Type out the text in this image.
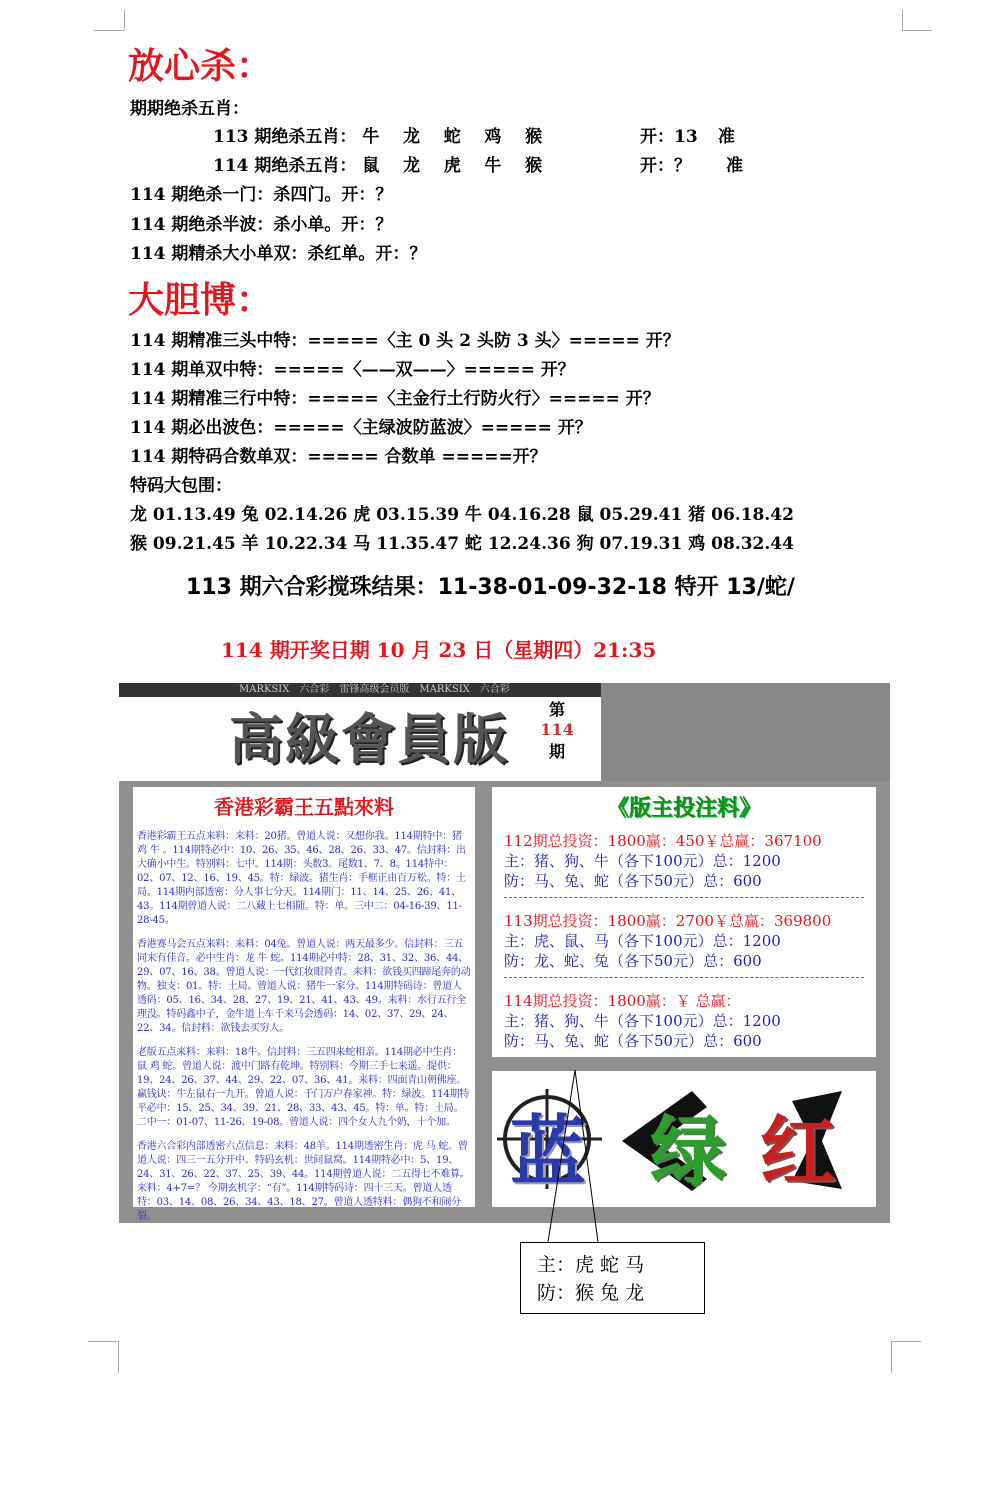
放心杀：
期期绝杀五肖：
113 期绝杀五肖： 牛 龙 蛇 鸡 猴	开：13 准
114 期绝杀五肖： 鼠 龙 虎 牛 猴	开：？ 准
114 期绝杀一门：杀四门。开：？
114 期绝杀半波：杀小单。开：？
114 期精杀大小单双：杀红单。开：？
大胆博：
114 期精准三头中特：=====〈主 0 头 2 头防 3 头〉===== 开？
114 期单双中特：=====〈——双——〉===== 开？
114 期精准三行中特：=====〈主金行土行防火行〉===== 开？
114 期必出波色：=====〈主绿波防蓝波〉===== 开？
114 期特码合数单双：===== 合数单 =====开？
特码大包围：
龙 01.13.49 兔 02.14.26 虎 03.15.39 牛 04.16.28 鼠 05.29.41 猪 06.18.42
猴 09.21.45 羊 10.22.34 马 11.35.47 蛇 12.24.36 狗 07.19.31 鸡 08.32.44
113 期六合彩搅珠结果：11-38-01-09-32-18 特开 13/蛇/
114 期开奖日期 10 月 23 日（星期四）21:35
MARKSIX　六合彩　雷锋高级会员版　MARKSIX　六合彩
高級會員版	第
114
期
香港彩霸王五點來料
香港彩霸王五点来料：来料：20猪。曾道人说：又想你我。114期特中：猪 鸡 牛 。114期特必中：10、26、35、46、28、26、33、47。信封料：出大确小中生。特别料：七中。114期：头数3。尾数1、7、8。114特中：02、07、12、16、19、45。特：绿波。猪生肖：手框正由百万松。特：土局。114期内部透密：分人事七分天。114期门：11、14、25、26、41、43。114期曾道人说：二八藏上七相随。特：单。三中二：04-16-39、11-28-45。
香港赛马会五点来料：来料：04兔。曾道人说：两天最多少。信封料：三五同来有佳音。必中生肖：龙 牛 蛇。114期必中特：28、31、32、36、44、29、07、16、38。曾道人说：一代红妆眼肾青。来料：欲钱买四蹄尾奔的动物。独支：01。特：土局。曾道人说：猪牛一家分。114期特码诗：曾道人透码：05、16、34、28、27、19、21、41、43、49。来料：水行五行全理没。特码鑫中子，金牛道上车千来马会透码：14、02、37、29、24、22、34。信封料：欲钱去买穷人。
老版五点来料：来料：18牛。信封料：三五四来蛇相亲。114期必中生肖：鼠 鸡 蛇。曾道人说：渡中门路有乾坤。特别料：今期三手七来遥。提供：19、24、26、37、44、29、22、07、36、41。来料：四面青山朝佛座。赢钱诀：牛左鼠右一九开。曾道人说：千门万户春家神。特：绿波。114期特平必中：15、25、34、39、21、28、33、43、45。特：单。特：土局。二中一：01-07、11-26、19-08。曾道人说：四个女人九个奶，十个加。
香港六合彩内部透密六点信息：来料：48羊。114期透密生肖：虎 马 蛇。曾道人说：四三一五分开中。特码玄机：世间鼠窝。114期特必中：5、19、24、31、26、22、37、25、39、44。114期曾道人说：二五得七不难算。来料：4+7=？ 今期玄机字：“有”。114期特码诗：四十三天。曾道人透特：03、14、08、26、34、43、18、27。曾道人透特料：偶狗不和闹分裂。
《版主投注料》
112期总投资：1800赢：450￥总赢：367100
主：猪、狗、牛（各下100元）总：1200
防：马、兔、蛇（各下50元）总：600
113期总投资：1800赢：2700￥总赢：369800
主：虎、鼠、马（各下100元）总：1200
防：龙、蛇、兔（各下50元）总：600
114期总投资：1800赢：￥ 总赢：
主：猪、狗、牛（各下100元）总：1200
防：马、兔、蛇（各下50元）总：600
蓝 绿 红
主：虎 蛇 马
防：猴 兔 龙
